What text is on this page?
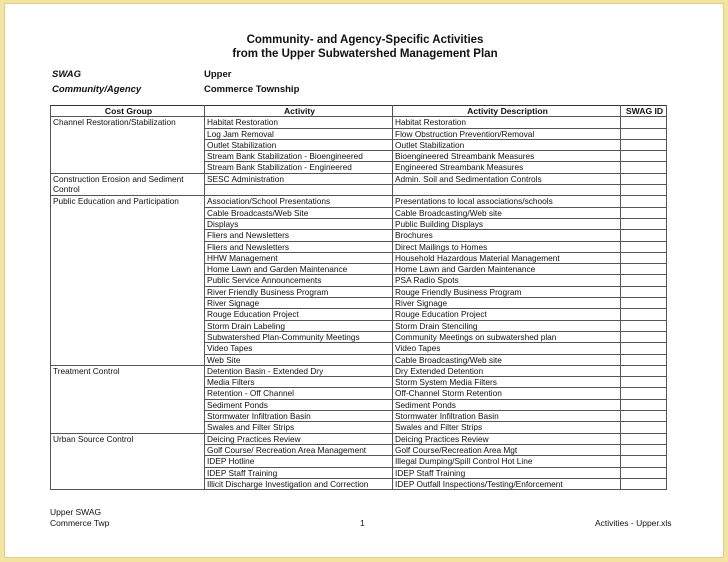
Community- and Agency-Specific Activities
from the Upper Subwatershed Management Plan
SWAG	Upper
Community/Agency	Commerce Township
Cost Group	Activity	Activity Description	SWAG ID
Channel Restoration/Stabilization	Habitat Restoration	Habitat Restoration	
	Log Jam Removal	Flow Obstruction Prevention/Removal	
	Outlet Stabilization	Outlet Stabilization	
	Stream Bank Stabilization - Bioengineered	Bioengineered Streambank Measures	
	Stream Bank Stabilization - Engineered	Engineered Streambank Measures	
Construction Erosion and Sediment Control	SESC Administration	Admin. Soil and Sedimentation Controls	

Public Education and Participation	Association/School Presentations	Presentations to local associations/schools	
	Cable Broadcasts/Web Site	Cable Broadcasting/Web site	
	Displays	Public Building Displays	
	Fliers and Newsletters	Brochures	
	Fliers and Newsletters	Direct Mailings to Homes	
	HHW Management	Household Hazardous Material Management	
	Home Lawn and Garden Maintenance	Home Lawn and Garden Maintenance	
	Public Service Announcements	PSA Radio Spots	
	River Friendly Business Program	Rouge Friendly Business Program	
	River Signage	River Signage	
	Rouge Education Project	Rouge Education Project	
	Storm Drain Labeling	Storm Drain Stenciling	
	Subwatershed Plan-Community Meetings	Community Meetings on subwatershed plan	
	Video Tapes	Video Tapes	
	Web Site	Cable Broadcasting/Web site	
Treatment Control	Detention Basin - Extended Dry	Dry Extended Detention	
	Media Filters	Storm System Media Filters	
	Retention - Off Channel	Off-Channel Storm Retention	
	Sediment Ponds	Sediment Ponds	
	Stormwater Infiltration Basin	Stormwater Infiltration Basin	
	Swales and Filter Strips	Swales and Filter Strips	
Urban Source Control	Deicing Practices Review	Deicing Practices Review	
	Golf Course/ Recreation Area Management	Golf Course/Recreation Area Mgt	
	IDEP Hotline	Illegal Dumping/Spill Control Hot Line	
	IDEP Staff Training	IDEP Staff Training	
	Illicit Discharge Investigation and Correction	IDEP Outfall Inspections/Testing/Enforcement	
Upper SWAG
Commerce Twp	1	Activities - Upper.xls
